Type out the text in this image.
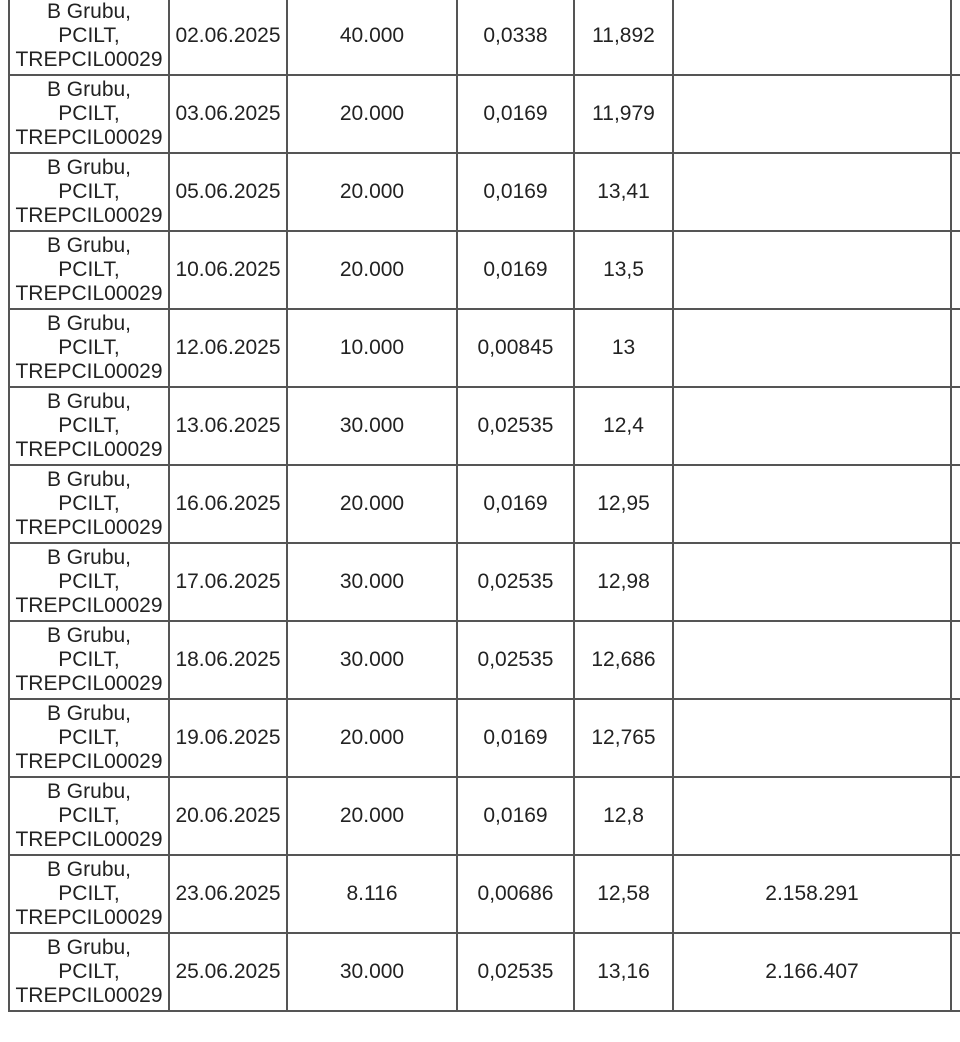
B Grubu,
PCILT,
TREPCIL00029	02.06.2025	40.000	0,0338	11,892		

B Grubu,
PCILT,
TREPCIL00029	03.06.2025	20.000	0,0169	11,979		

B Grubu,
PCILT,
TREPCIL00029	05.06.2025	20.000	0,0169	13,41		

B Grubu,
PCILT,
TREPCIL00029	10.06.2025	20.000	0,0169	13,5		

B Grubu,
PCILT,
TREPCIL00029	12.06.2025	10.000	0,00845	13		

B Grubu,
PCILT,
TREPCIL00029	13.06.2025	30.000	0,02535	12,4		

B Grubu,
PCILT,
TREPCIL00029	16.06.2025	20.000	0,0169	12,95		

B Grubu,
PCILT,
TREPCIL00029	17.06.2025	30.000	0,02535	12,98		

B Grubu,
PCILT,
TREPCIL00029	18.06.2025	30.000	0,02535	12,686		

B Grubu,
PCILT,
TREPCIL00029	19.06.2025	20.000	0,0169	12,765		

B Grubu,
PCILT,
TREPCIL00029	20.06.2025	20.000	0,0169	12,8		

B Grubu,
PCILT,
TREPCIL00029	23.06.2025	8.116	0,00686	12,58	2.158.291	

B Grubu,
PCILT,
TREPCIL00029	25.06.2025	30.000	0,02535	13,16	2.166.407	
